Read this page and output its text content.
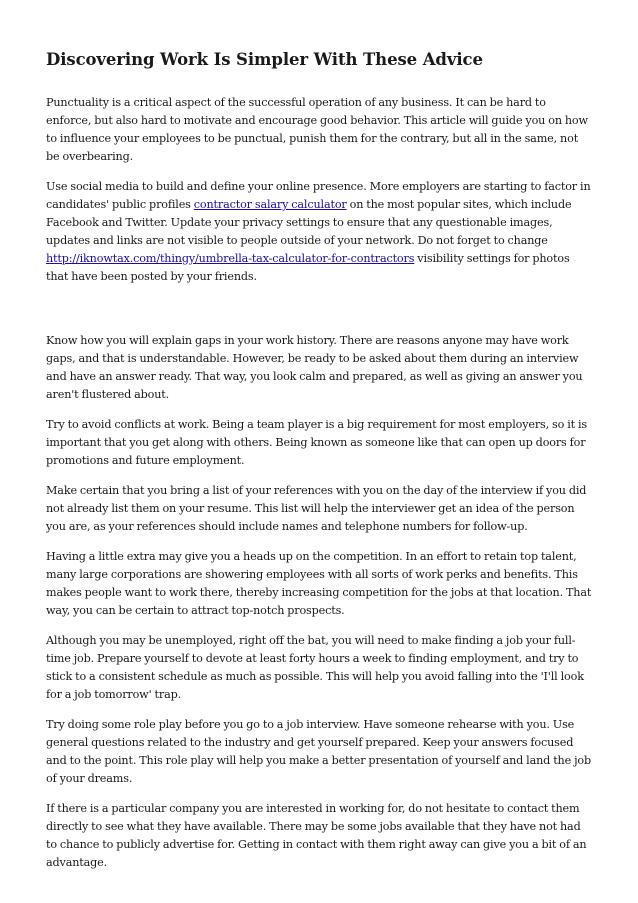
Discovering Work Is Simpler With These Advice

Punctuality is a critical aspect of the successful operation of any business. It can be hard to enforce, but also hard to motivate and encourage good behavior. This article will guide you on how to influence your employees to be punctual, punish them for the contrary, but all in the same, not be overbearing.

Use social media to build and define your online presence. More employers are starting to factor in candidates' public profiles contractor salary calculator on the most popular sites, which include Facebook and Twitter. Update your privacy settings to ensure that any questionable images, updates and links are not visible to people outside of your network. Do not forget to change http://iknowtax.com/thingy/umbrella-tax-calculator-for-contractors visibility settings for photos that have been posted by your friends.

Know how you will explain gaps in your work history. There are reasons anyone may have work gaps, and that is understandable. However, be ready to be asked about them during an interview and have an answer ready. That way, you look calm and prepared, as well as giving an answer you aren't flustered about.

Try to avoid conflicts at work. Being a team player is a big requirement for most employers, so it is important that you get along with others. Being known as someone like that can open up doors for promotions and future employment.

Make certain that you bring a list of your references with you on the day of the interview if you did not already list them on your resume. This list will help the interviewer get an idea of the person you are, as your references should include names and telephone numbers for follow-up.

Having a little extra may give you a heads up on the competition. In an effort to retain top talent, many large corporations are showering employees with all sorts of work perks and benefits. This makes people want to work there, thereby increasing competition for the jobs at that location. That way, you can be certain to attract top-notch prospects.

Although you may be unemployed, right off the bat, you will need to make finding a job your full-time job. Prepare yourself to devote at least forty hours a week to finding employment, and try to stick to a consistent schedule as much as possible. This will help you avoid falling into the 'I'll look for a job tomorrow' trap.

Try doing some role play before you go to a job interview. Have someone rehearse with you. Use general questions related to the industry and get yourself prepared. Keep your answers focused and to the point. This role play will help you make a better presentation of yourself and land the job of your dreams.

If there is a particular company you are interested in working for, do not hesitate to contact them directly to see what they have available. There may be some jobs available that they have not had to chance to publicly advertise for. Getting in contact with them right away can give you a bit of an advantage.
